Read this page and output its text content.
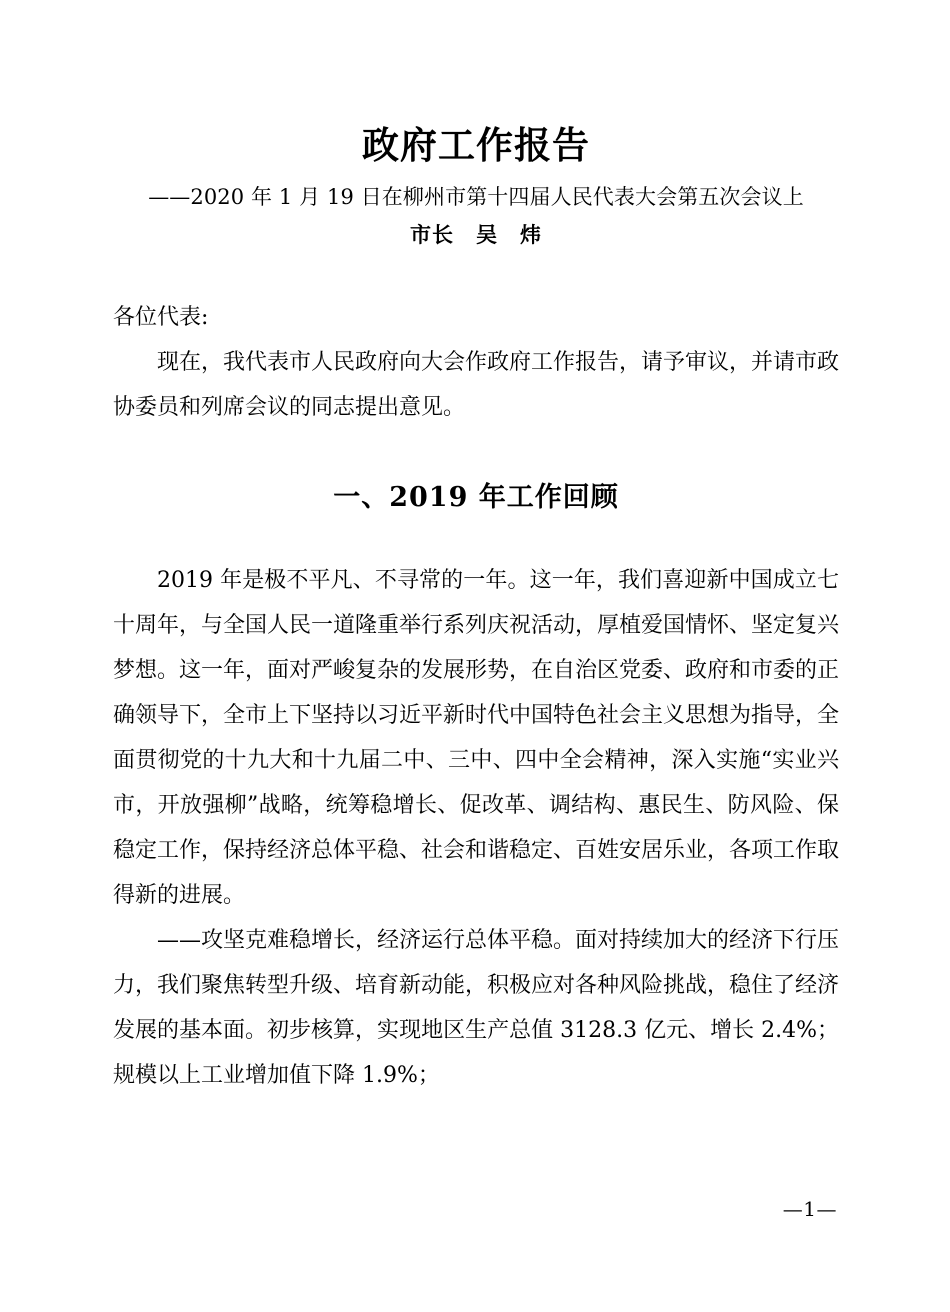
政府工作报告
——2020 年 1 月 19 日在柳州市第十四届人民代表大会第五次会议上
市长　吴　炜
各位代表:

现在，我代表市人民政府向大会作政府工作报告，请予审议，并请市政协委员和列席会议的同志提出意见。

一、2019 年工作回顾

2019 年是极不平凡、不寻常的一年。这一年，我们喜迎新中国成立七十周年，与全国人民一道隆重举行系列庆祝活动，厚植爱国情怀、坚定复兴梦想。这一年，面对严峻复杂的发展形势，在自治区党委、政府和市委的正确领导下，全市上下坚持以习近平新时代中国特色社会主义思想为指导，全面贯彻党的十九大和十九届二中、三中、四中全会精神，深入实施“实业兴市，开放强柳”战略，统筹稳增长、促改革、调结构、惠民生、防风险、保稳定工作，保持经济总体平稳、社会和谐稳定、百姓安居乐业，各项工作取得新的进展。

——攻坚克难稳增长，经济运行总体平稳。面对持续加大的经济下行压力，我们聚焦转型升级、培育新动能，积极应对各种风险挑战，稳住了经济发展的基本面。初步核算，实现地区生产总值 3128.3 亿元、增长 2.4%；规模以上工业增加值下降 1.9%；

—1—
